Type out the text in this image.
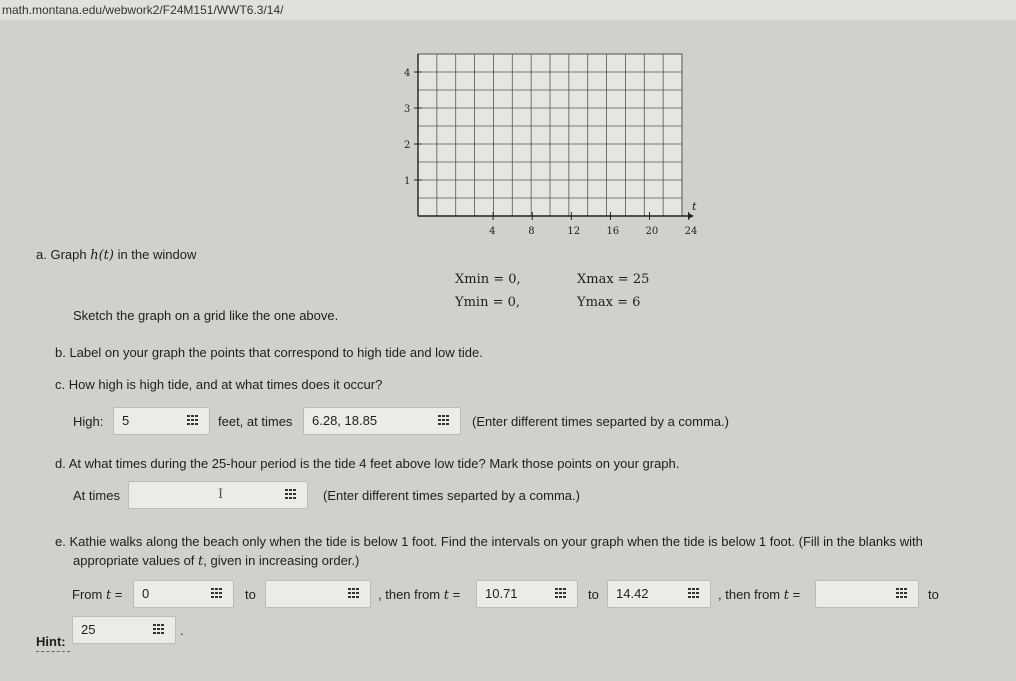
math.montana.edu/webwork2/F24M151/WWT6.3/14/
1
2
3
4
4	8	12	16	20	24
t
a. Graph h(t) in the window
Xmin = 0,	Xmax = 25
Ymin = 0,	Ymax = 6
Sketch the graph on a grid like the one above.
b. Label on your graph the points that correspond to high tide and low tide.
c. How high is high tide, and at what times does it occur?
High: 5	feet, at times 6.28, 18.85	(Enter different times separted by a comma.)
d. At what times during the 25-hour period is the tide 4 feet above low tide? Mark those points on your graph.
At times	I	(Enter different times separted by a comma.)
e. Kathie walks along the beach only when the tide is below 1 foot. Find the intervals on your graph when the tide is below 1 foot. (Fill in the blanks with
appropriate values of t, given in increasing order.)
From t = 0	to	, then from t = 10.71	to 14.42	, then from t =	to
25	.
Hint:
